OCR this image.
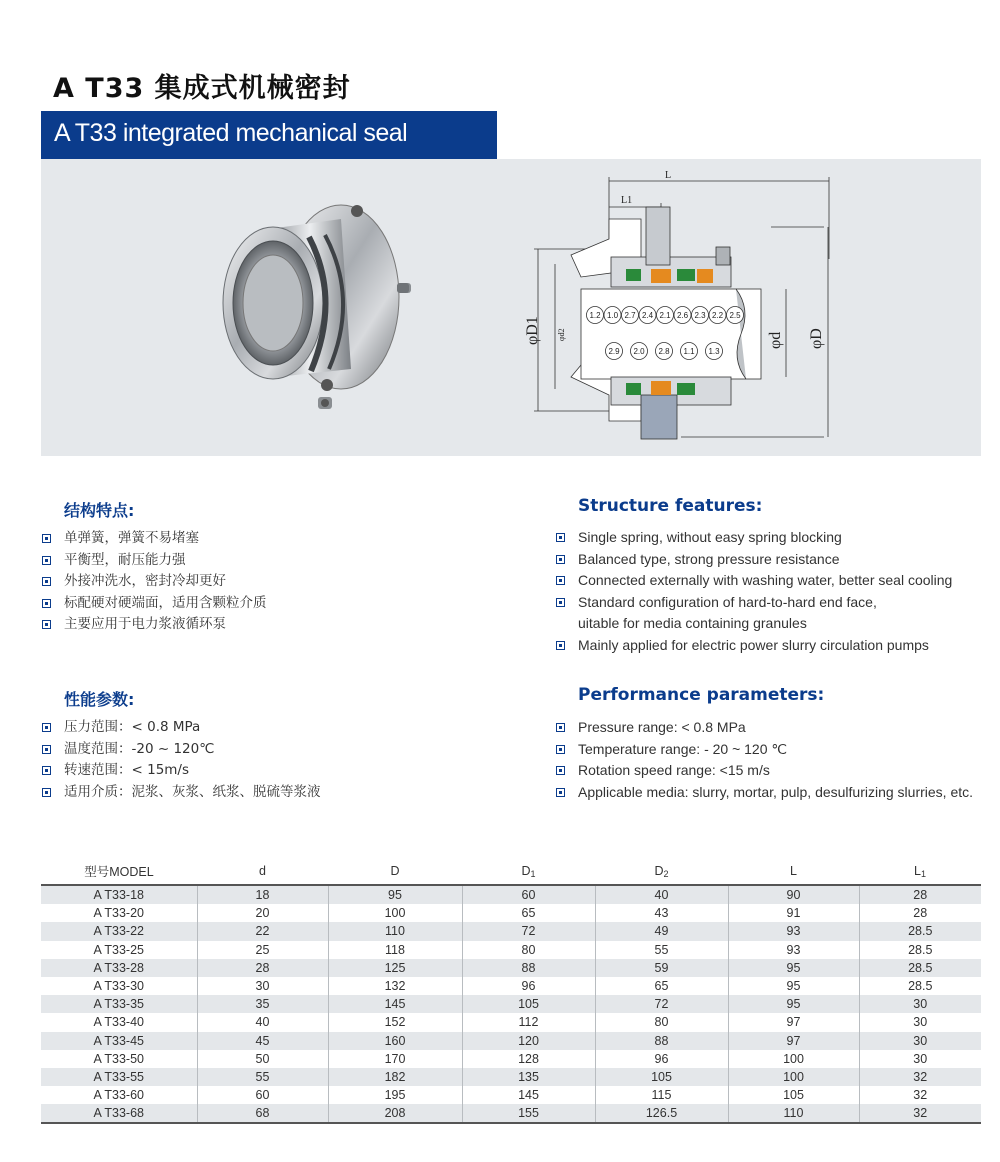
A T33 集成式机械密封
A T33 integrated mechanical seal
L
L1
φD1 φd2	φd φD
1.2 1.0 2.7 2.4 2.1 2.6 2.3 2.2 2.5
2.9 2.0 2.8 1.1 1.3
结构特点:	Structure features:
单弹簧，弹簧不易堵塞
平衡型，耐压能力强
外接冲洗水，密封冷却更好
标配硬对硬端面，适用含颗粒介质
主要应用于电力浆液循环泵
Single spring, without easy spring blocking
Balanced type, strong pressure resistance
Connected externally with washing water, better seal cooling
Standard configuration of hard-to-hard end face,
uitable for media containing granules
Mainly applied for electric power slurry circulation pumps
性能参数:	Performance parameters:
压力范围：< 0.8 MPa
温度范围：-20 ~ 120℃
转速范围：< 15m/s
适用介质：泥浆、灰浆、纸浆、脱硫等浆液
Pressure range: < 0.8 MPa
Temperature range: - 20 ~ 120 ℃
Rotation speed range: <15 m/s
Applicable media: slurry, mortar, pulp, desulfurizing slurries, etc.
型号MODEL	d	D	$D_1$	$D_2$	L	$L_1$
A T33-18	18	95	60	40	90	28
A T33-20	20	100	65	43	91	28
A T33-22	22	110	72	49	93	28.5
A T33-25	25	118	80	55	93	28.5
A T33-28	28	125	88	59	95	28.5
A T33-30	30	132	96	65	95	28.5
A T33-35	35	145	105	72	95	30
A T33-40	40	152	112	80	97	30
A T33-45	45	160	120	88	97	30
A T33-50	50	170	128	96	100	30
A T33-55	55	182	135	105	100	32
A T33-60	60	195	145	115	105	32
A T33-68	68	208	155	126.5	110	32
